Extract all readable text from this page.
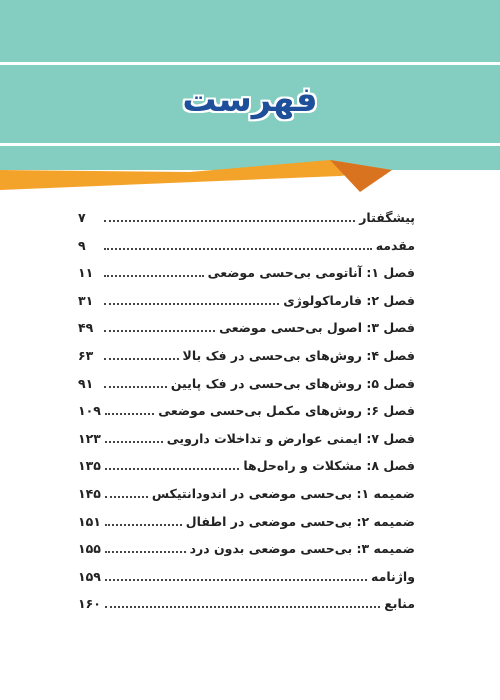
فهرست
پیشگفتار
۷
مقدمه
۹
فصل ۱: آناتومی بی‌حسی موضعی
۱۱
فصل ۲: فارماکولوژی
۳۱
فصل ۳: اصول بی‌حسی موضعی
۴۹
فصل ۴: روش‌های بی‌حسی در فک بالا
۶۳
فصل ۵: روش‌های بی‌حسی در فک پایین
۹۱
فصل ۶: روش‌های مکمل بی‌حسی موضعی
۱۰۹
فصل ۷: ایمنی عوارض و تداخلات دارویی
۱۲۳
فصل ۸: مشکلات و راه‌حل‌ها
۱۳۵
ضمیمه ۱: بی‌حسی موضعی در اندودانتیکس
۱۴۵
ضمیمه ۲: بی‌حسی موضعی در اطفال
۱۵۱
ضمیمه ۳: بی‌حسی موضعی بدون درد
۱۵۵
واژنامه
۱۵۹
منابع
۱۶۰
